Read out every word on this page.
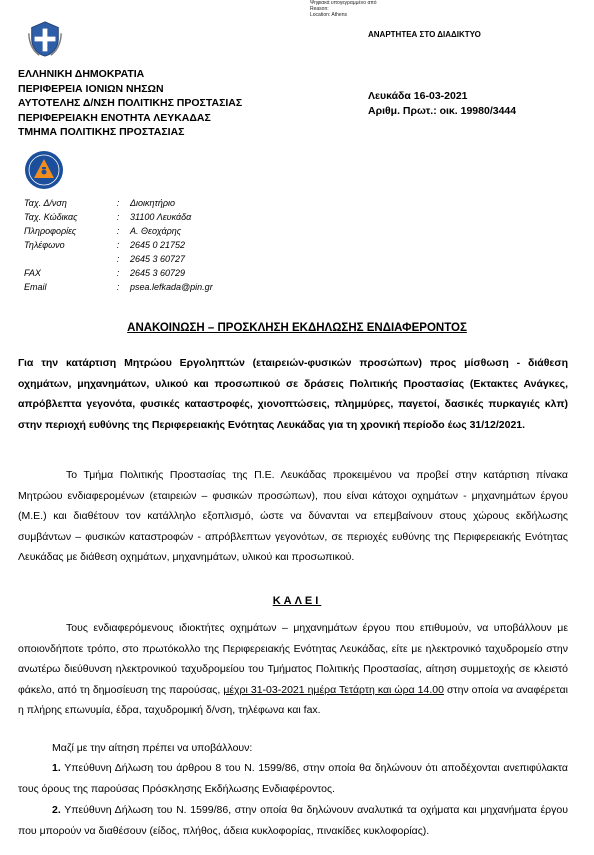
Ψηφιακά υπογεγραμμένο από
Reason:
Location: Athens
ΑΝΑΡΤΗΤΕΑ ΣΤΟ ΔΙΑΔΙΚΤΥΟ
ΕΛΛΗΝΙΚΗ ΔΗΜΟΚΡΑΤΙΑ
ΠΕΡΙΦΕΡΕΙΑ ΙΟΝΙΩΝ ΝΗΣΩΝ
ΑΥΤΟΤΕΛΗΣ Δ/ΝΣΗ ΠΟΛΙΤΙΚΗΣ ΠΡΟΣΤΑΣΙΑΣ
ΠΕΡΙΦΕΡΕΙΑΚΗ ΕΝΟΤΗΤΑ ΛΕΥΚΑΔΑΣ
ΤΜΗΜΑ ΠΟΛΙΤΙΚΗΣ ΠΡΟΣΤΑΣΙΑΣ
Λευκάδα 16-03-2021
Αριθμ. Πρωτ.: οικ. 19980/3444
Ταχ. Δ/νση	:	Διοικητήριο
Ταχ. Κώδικας	:	31100 Λευκάδα
Πληροφορίες	:	Α. Θεοχάρης
Τηλέφωνο	:	2645 0 21752
:	2645 3 60727
FAX	:	2645 3 60729
Email	:	psea.lefkada@pin.gr
ΑΝΑΚΟΙΝΩΣΗ – ΠΡΟΣΚΛΗΣΗ ΕΚΔΗΛΩΣΗΣ ΕΝΔΙΑΦΕΡΟΝΤΟΣ
Για την κατάρτιση Μητρώου Εργοληπτών (εταιρειών-φυσικών προσώπων) προς μίσθωση - διάθεση οχημάτων, μηχανημάτων, υλικού και προσωπικού σε δράσεις Πολιτικής Προστασίας (Εκτακτες Ανάγκες, απρόβλεπτα γεγονότα, φυσικές καταστροφές, χιονοπτώσεις, πλημμύρες, παγετοί, δασικές πυρκαγιές κλπ) στην περιοχή ευθύνης της Περιφερειακής Ενότητας Λευκάδας για τη χρονική περίοδο έως 31/12/2021.
Το Τμήμα Πολιτικής Προστασίας της Π.Ε. Λευκάδας προκειμένου να προβεί στην κατάρτιση πίνακα Μητρώου ενδιαφερομένων (εταιρειών – φυσικών προσώπων), που είναι κάτοχοι οχημάτων - μηχανημάτων έργου (Μ.Ε.) και διαθέτουν τον κατάλληλο εξοπλισμό, ώστε να δύνανται να επεμβαίνουν στους χώρους εκδήλωσης συμβάντων – φυσικών καταστροφών - απρόβλεπτων γεγονότων, σε περιοχές ευθύνης της Περιφερειακής Ενότητας Λευκάδας με διάθεση οχημάτων, μηχανημάτων, υλικού και προσωπικού.
ΚΑΛΕΙ
Τους ενδιαφερόμενους ιδιοκτήτες οχημάτων – μηχανημάτων έργου που επιθυμούν, να υποβάλλουν με οποιονδήποτε τρόπο, στο πρωτόκολλο της Περιφερειακής Ενότητας Λευκάδας, είτε με ηλεκτρονικό ταχυδρομείο στην ανωτέρω διεύθυνση ηλεκτρονικού ταχυδρομείου του Τμήματος Πολιτικής Προστασίας, αίτηση συμμετοχής σε κλειστό φάκελο, από τη δημοσίευση της παρούσας, μέχρι 31-03-2021 ημέρα Τετάρτη και ώρα 14.00 στην οποία να αναφέρεται η πλήρης επωνυμία, έδρα, ταχυδρομική δ/νση, τηλέφωνα και fax.
Μαζί με την αίτηση πρέπει να υποβάλλουν:
1. Υπεύθυνη Δήλωση του άρθρου 8 του Ν. 1599/86, στην οποία θα δηλώνουν ότι αποδέχονται ανεπιφύλακτα τους όρους της παρούσας Πρόσκλησης Εκδήλωσης Ενδιαφέροντος.
2. Υπεύθυνη Δήλωση του Ν. 1599/86, στην οποία θα δηλώνουν αναλυτικά τα οχήματα και μηχανήματα έργου που μπορούν να διαθέσουν (είδος, πλήθος, άδεια κυκλοφορίας, πινακίδες κυκλοφορίας).
